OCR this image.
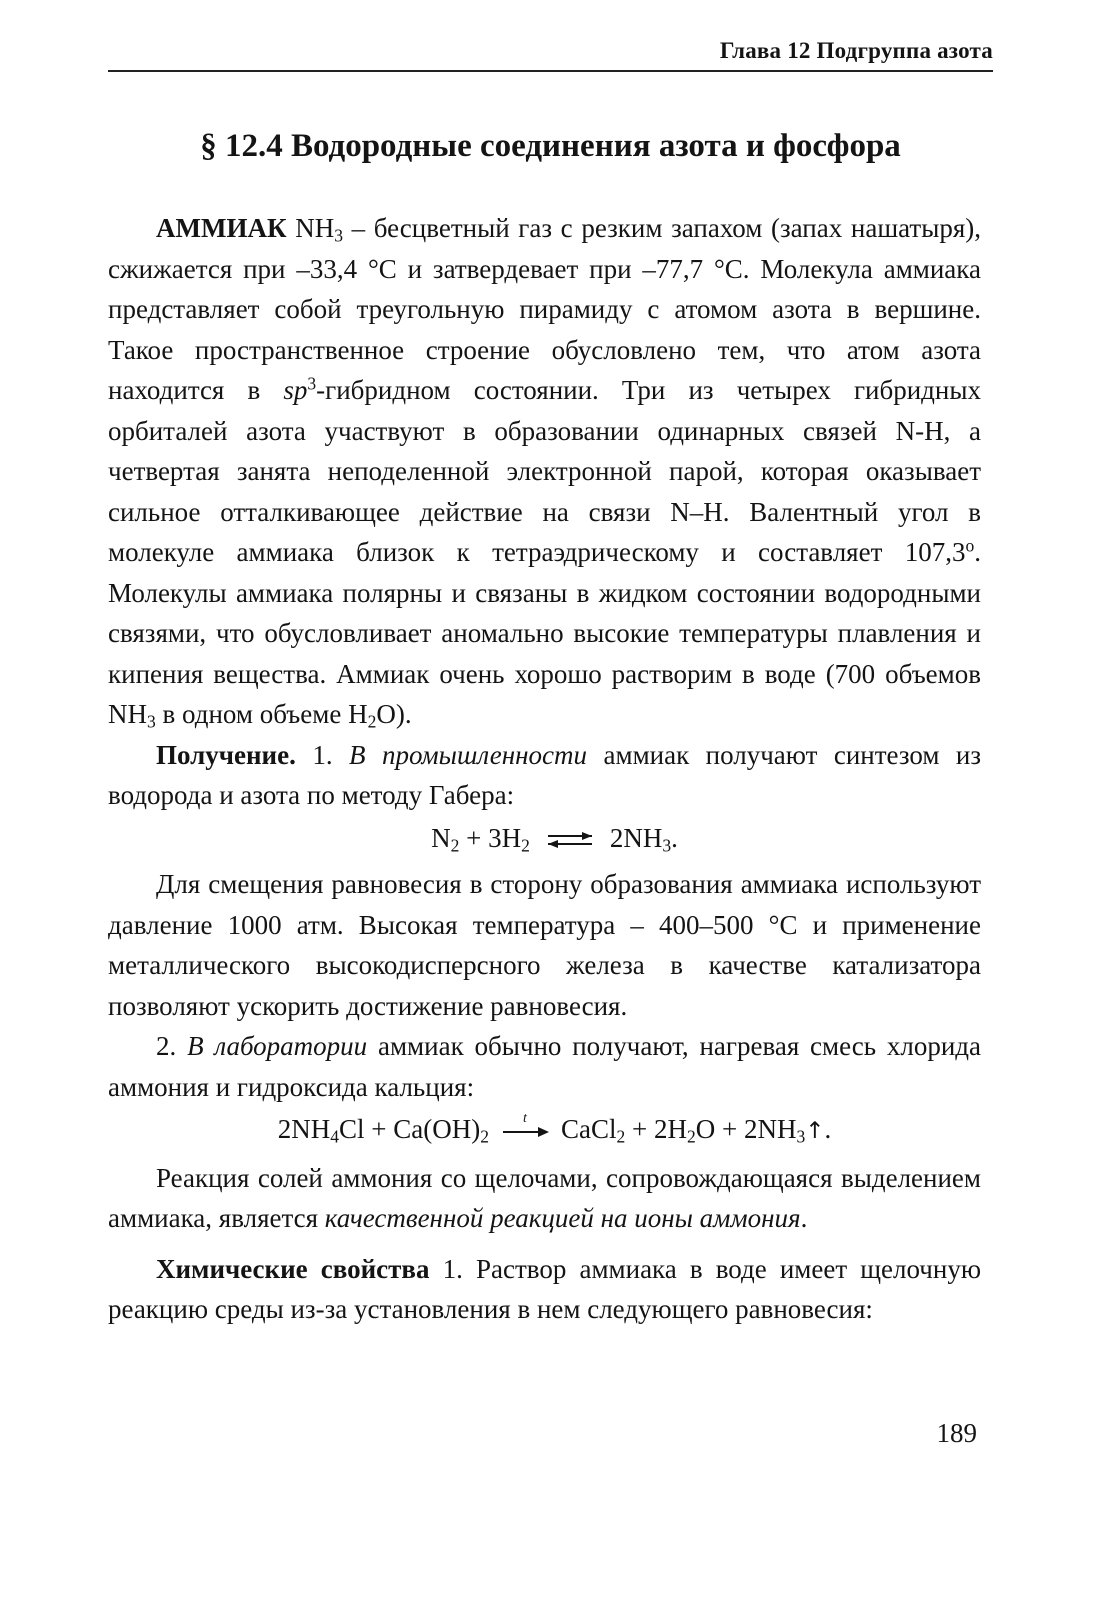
Глава 12 Подгруппа азота
§ 12.4 Водородные соединения азота и фосфора

АММИАК $NH_3$ – бесцветный газ с резким запахом (запах нашатыря), сжижается при –33,4 °С и затвердевает при –77,7 °С. Молекула аммиака представляет собой треугольную пирамиду с атомом азота в вершине. Такое пространственное строение обусловлено тем, что атом азота находится в $sp^3$-гибридном состоянии. Три из четырех гибридных орбиталей азота участвуют в образовании одинарных связей N-H, а четвертая занята неподеленной электронной парой, которая оказывает сильное отталкивающее действие на связи N–H. Валентный угол в молекуле аммиака близок к тетраэдрическому и составляет 107,3$^o$. Молекулы аммиака полярны и связаны в жидком состоянии водородными связями, что обусловливает аномально высокие температуры плавления и кипения вещества. Аммиак очень хорошо растворим в воде (700 объемов $NH_3$ в одном объеме $H_2O$).

Получение. 1. В промышленности аммиак получают синтезом из водорода и азота по методу Габера:

$N_2 + 3H_2$ ⇌ $2NH_3$.

Для смещения равновесия в сторону образования аммиака используют давление 1000 атм. Высокая температура – 400–500 °С и применение металлического высокодисперсного железа в качестве катализатора позволяют ускорить достижение равновесия.

2. В лаборатории аммиак обычно получают, нагревая смесь хлорида аммония и гидроксида кальция:

$2NH_4Cl + Ca(OH)_2$
t CaCl$_2$ + $2H_2O$ + $2NH_3↑$.

Реакция солей аммония со щелочами, сопровождающаяся выделением аммиака, является качественной реакцией на ионы аммония.

Химические свойства 1. Раствор аммиака в воде имеет щелочную реакцию среды из-за установления в нем следующего равновесия:

189
